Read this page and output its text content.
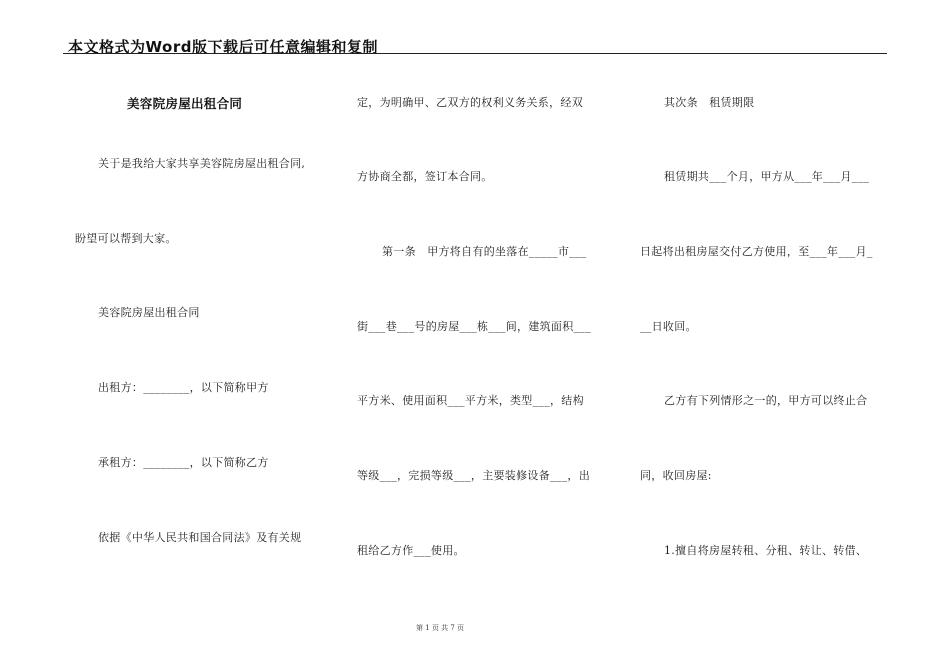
本文格式为Word版下载后可任意编辑和复制
美容院房屋出租合同
关于是我给大家共享美容院房屋出租合同,
盼望可以帮到大家。
美容院房屋出租合同
出租方：________，以下简称甲方
承租方：________，以下简称乙方
依据《中华人民共和国合同法》及有关规
定，为明确甲、乙双方的权利义务关系，经双
方协商全都，签订本合同。
第一条　甲方将自有的坐落在_____市___
街___巷___号的房屋___栋___间，建筑面积___
平方米、使用面积___平方米，类型___，结构
等级___，完损等级___，主要装修设备___，出
租给乙方作___使用。
其次条　租赁期限
租赁期共___个月，甲方从___年___月___
日起将出租房屋交付乙方使用，至___年___月_
__日收回。
乙方有下列情形之一的，甲方可以终止合
同，收回房屋:
1.擅自将房屋转租、分租、转让、转借、
第 1 页 共 7 页
